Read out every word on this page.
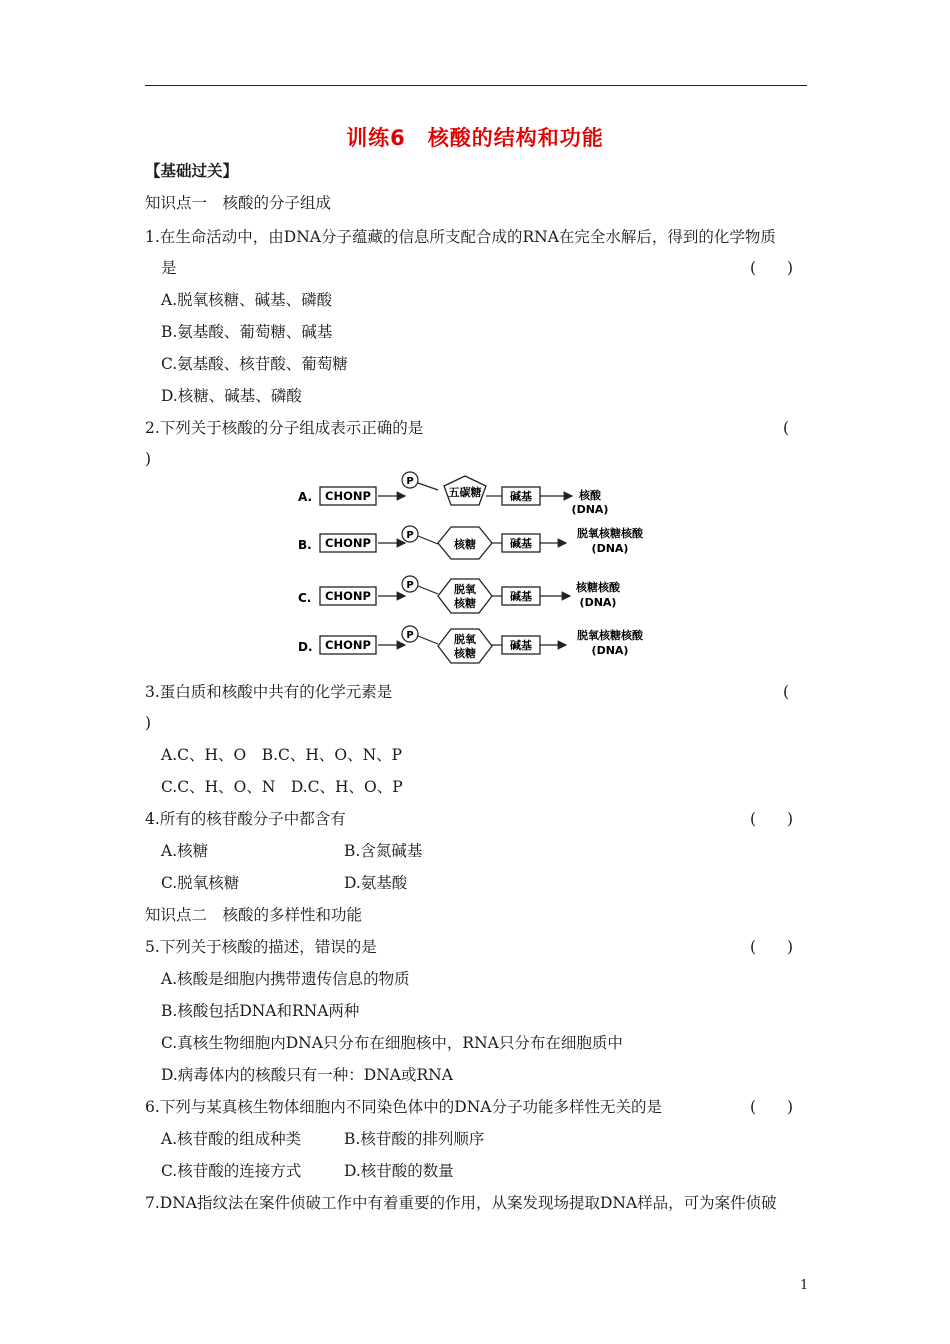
训练6　核酸的结构和功能
【基础过关】
知识点一　核酸的分子组成
1.在生命活动中，由DNA分子蕴藏的信息所支配合成的RNA在完全水解后，得到的化学物质
是	(　　)
A.脱氧核糖、碱基、磷酸
B.氨基酸、葡萄糖、碱基
C.氨基酸、核苷酸、葡萄糖
D.核糖、碱基、磷酸
2.下列关于核酸的分子组成表示正确的是	(
)
A. CHONP
P
五碳糖	碱基	核酸
(DNA)
B. CHONP
P
核糖	碱基
脱氧核糖核酸
(DNA)
C. CHONP
P	脱氧
核糖
碱基
核糖核酸
(DNA)
D. CHONP
P	脱氧
核糖
碱基
脱氧核糖核酸
(DNA)
3.蛋白质和核酸中共有的化学元素是	(
)
A.C、H、O　B.C、H、O、N、P
C.C、H、O、N　D.C、H、O、P
4.所有的核苷酸分子中都含有	(　　)
A.核糖	B.含氮碱基
C.脱氧核糖	D.氨基酸
知识点二　核酸的多样性和功能
5.下列关于核酸的描述，错误的是	(　　)
A.核酸是细胞内携带遗传信息的物质
B.核酸包括DNA和RNA两种
C.真核生物细胞内DNA只分布在细胞核中，RNA只分布在细胞质中
D.病毒体内的核酸只有一种：DNA或RNA
6.下列与某真核生物体细胞内不同染色体中的DNA分子功能多样性无关的是	(　　)
A.核苷酸的组成种类	B.核苷酸的排列顺序
C.核苷酸的连接方式	D.核苷酸的数量
7.DNA指纹法在案件侦破工作中有着重要的作用，从案发现场提取DNA样品，可为案件侦破
1
